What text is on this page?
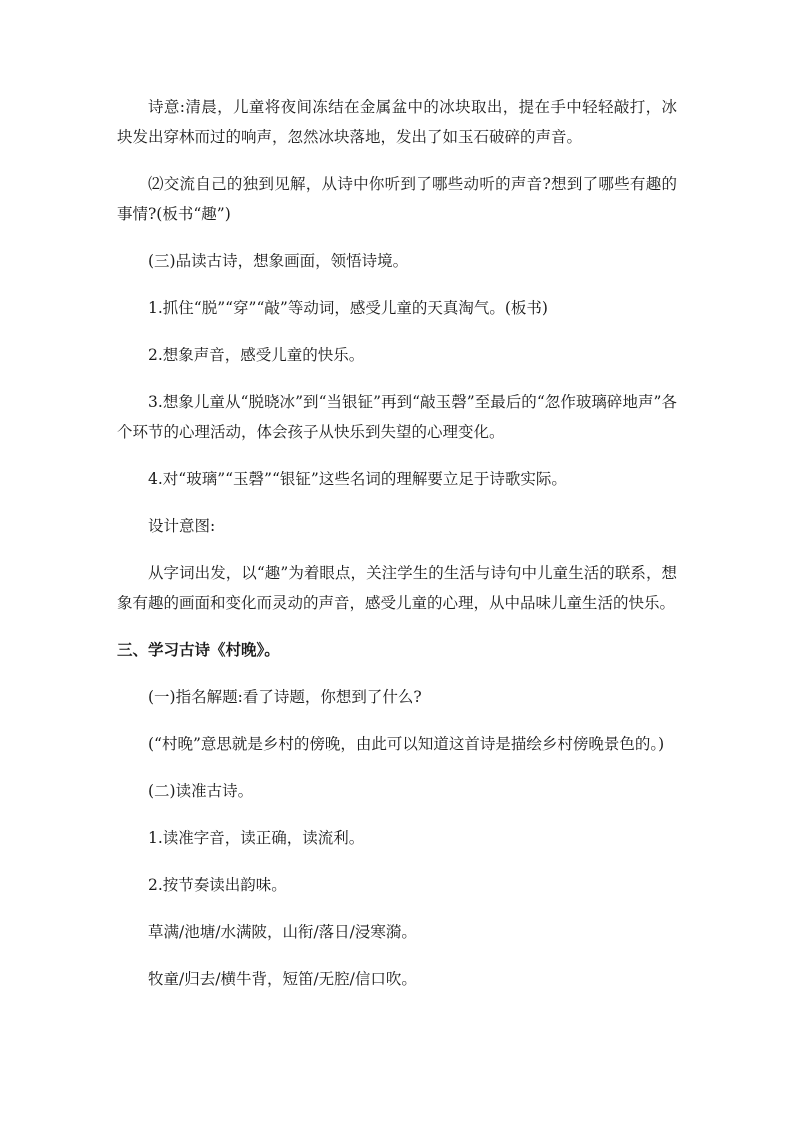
诗意:清晨，儿童将夜间冻结在金属盆中的冰块取出，提在手中轻轻敲打，冰块发出穿林而过的响声，忽然冰块落地，发出了如玉石破碎的声音。

⑵交流自己的独到见解，从诗中你听到了哪些动听的声音?想到了哪些有趣的事情?(板书“趣”)

(三)品读古诗，想象画面，领悟诗境。

1.抓住“脱”“穿”“敲”等动词，感受儿童的天真淘气。(板书)

2.想象声音，感受儿童的快乐。

3.想象儿童从“脱晓冰”到“当银钲”再到“敲玉磬”至最后的“忽作玻璃碎地声”各个环节的心理活动，体会孩子从快乐到失望的心理变化。

4.对“玻璃”“玉磬”“银钲”这些名词的理解要立足于诗歌实际。

设计意图:

从字词出发，以“趣”为着眼点，关注学生的生活与诗句中儿童生活的联系，想象有趣的画面和变化而灵动的声音，感受儿童的心理，从中品味儿童生活的快乐。

三、学习古诗《村晚》。

(一)指名解题:看了诗题，你想到了什么?

(“村晚”意思就是乡村的傍晚，由此可以知道这首诗是描绘乡村傍晚景色的。)

(二)读准古诗。

1.读准字音，读正确，读流利。

2.按节奏读出韵味。

草满/池塘/水满陂，山衔/落日/浸寒漪。

牧童/归去/横牛背，短笛/无腔/信口吹。
